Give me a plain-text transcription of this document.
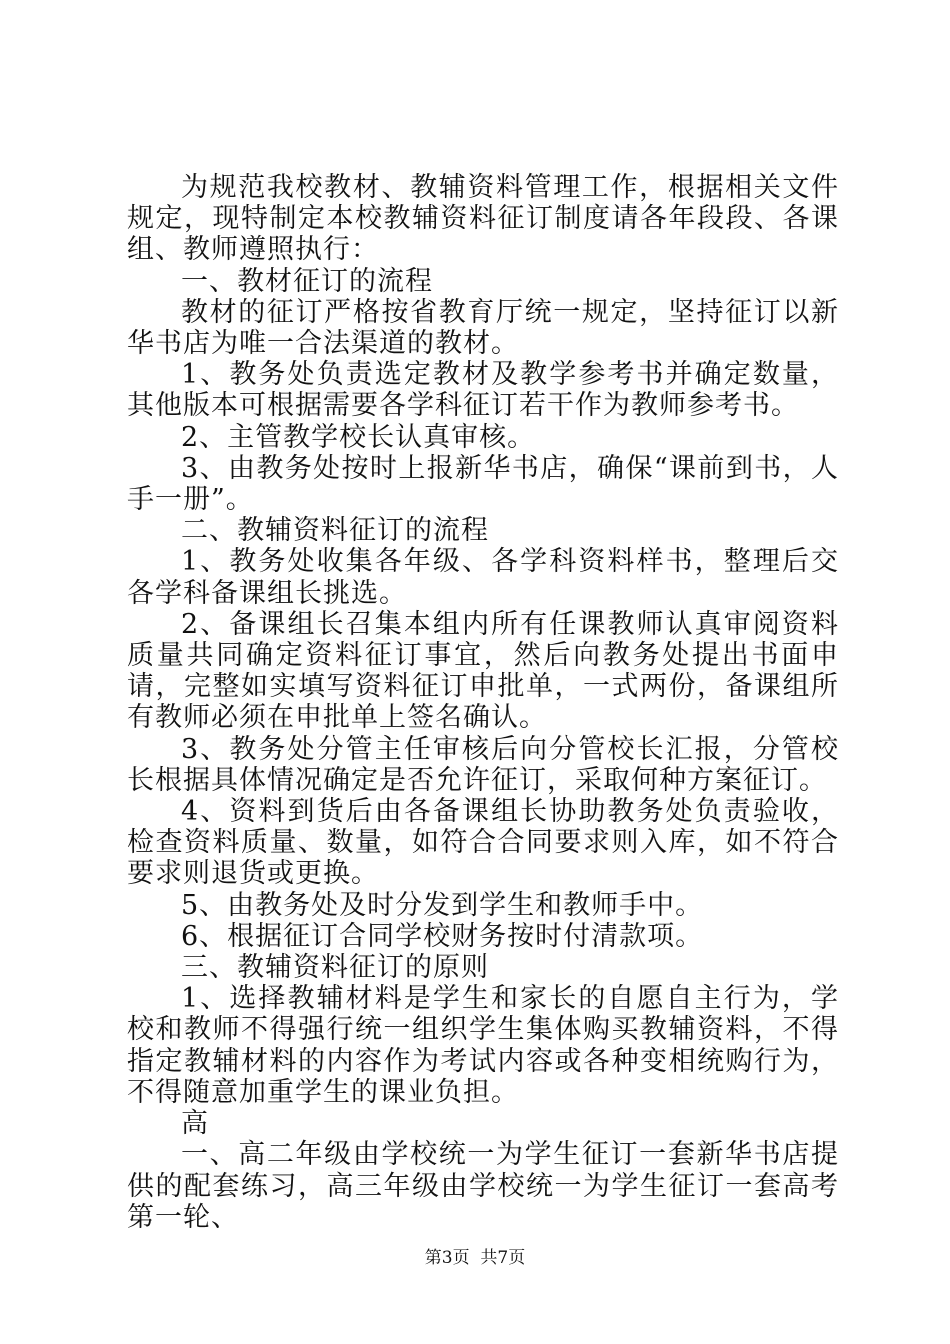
为规范我校教材、教辅资料管理工作，根据相关文件规定，现特制定本校教辅资料征订制度请各年段段、各课组、教师遵照执行：

一、教材征订的流程

教材的征订严格按省教育厅统一规定，坚持征订以新华书店为唯一合法渠道的教材。

1、教务处负责选定教材及教学参考书并确定数量，其他版本可根据需要各学科征订若干作为教师参考书。

2、主管教学校长认真审核。

3、由教务处按时上报新华书店，确保“课前到书，人手一册”。

二、教辅资料征订的流程

1、教务处收集各年级、各学科资料样书，整理后交各学科备课组长挑选。

2、备课组长召集本组内所有任课教师认真审阅资料质量共同确定资料征订事宜，然后向教务处提出书面申请，完整如实填写资料征订申批单，一式两份，备课组所有教师必须在申批单上签名确认。

3、教务处分管主任审核后向分管校长汇报，分管校长根据具体情况确定是否允许征订，采取何种方案征订。

4、资料到货后由各备课组长协助教务处负责验收，检查资料质量、数量，如符合合同要求则入库，如不符合要求则退货或更换。

5、由教务处及时分发到学生和教师手中。

6、根据征订合同学校财务按时付清款项。

三、教辅资料征订的原则

1、选择教辅材料是学生和家长的自愿自主行为，学校和教师不得强行统一组织学生集体购买教辅资料，不得指定教辅材料的内容作为考试内容或各种变相统购行为，不得随意加重学生的课业负担。

高

一、高二年级由学校统一为学生征订一套新华书店提供的配套练习，高三年级由学校统一为学生征订一套高考第一轮、

第3页  共7页
